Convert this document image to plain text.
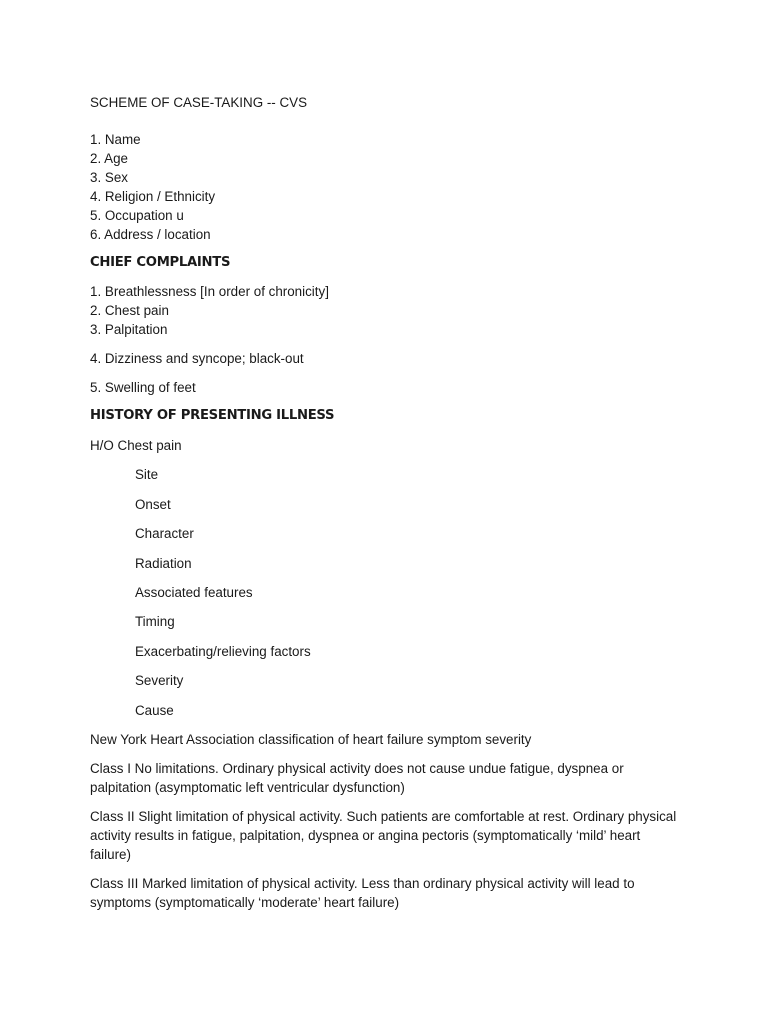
SCHEME OF CASE-TAKING -- CVS
1. Name
2. Age
3. Sex
4. Religion / Ethnicity
5. Occupation u
6. Address / location
CHIEF COMPLAINTS
1. Breathlessness [In order of chronicity]
2. Chest pain
3. Palpitation
4. Dizziness and syncope; black-out
5. Swelling of feet
HISTORY OF PRESENTING ILLNESS
H/O Chest pain
Site
Onset
Character
Radiation
Associated features
Timing
Exacerbating/relieving factors
Severity
Cause

New York Heart Association classification of heart failure symptom severity

Class I No limitations. Ordinary physical activity does not cause undue fatigue, dyspnea or palpitation (asymptomatic left ventricular dysfunction)

Class II Slight limitation of physical activity. Such patients are comfortable at rest. Ordinary physical activity results in fatigue, palpitation, dyspnea or angina pectoris (symptomatically ‘mild’ heart failure)

Class III Marked limitation of physical activity. Less than ordinary physical activity will lead to symptoms (symptomatically ‘moderate’ heart failure)
